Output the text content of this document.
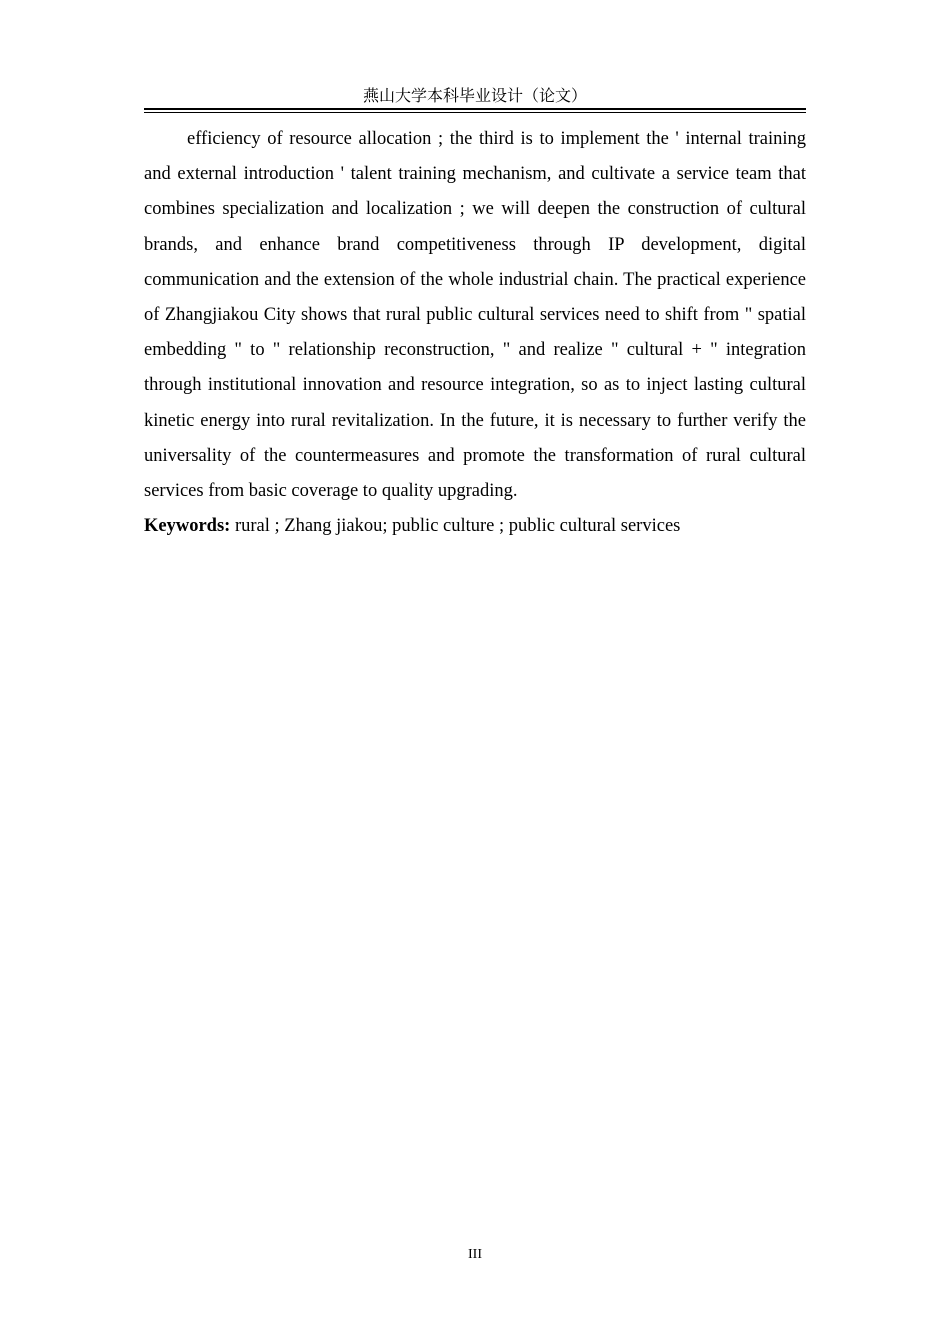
燕山大学本科毕业设计（论文）

efficiency of resource allocation ; the third is to implement the ' internal training and external introduction ' talent training mechanism, and cultivate a service team that combines specialization and localization ; we will deepen the construction of cultural brands, and enhance brand competitiveness through IP development, digital communication and the extension of the whole industrial chain. The practical experience of Zhangjiakou City shows that rural public cultural services need to shift from " spatial embedding " to " relationship reconstruction, " and realize " cultural + " integration through institutional innovation and resource integration, so as to inject lasting cultural kinetic energy into rural revitalization. In the future, it is necessary to further verify the universality of the countermeasures and promote the transformation of rural cultural services from basic coverage to quality upgrading.

Keywords: rural ; Zhang jiakou; public culture ; public cultural services

III
